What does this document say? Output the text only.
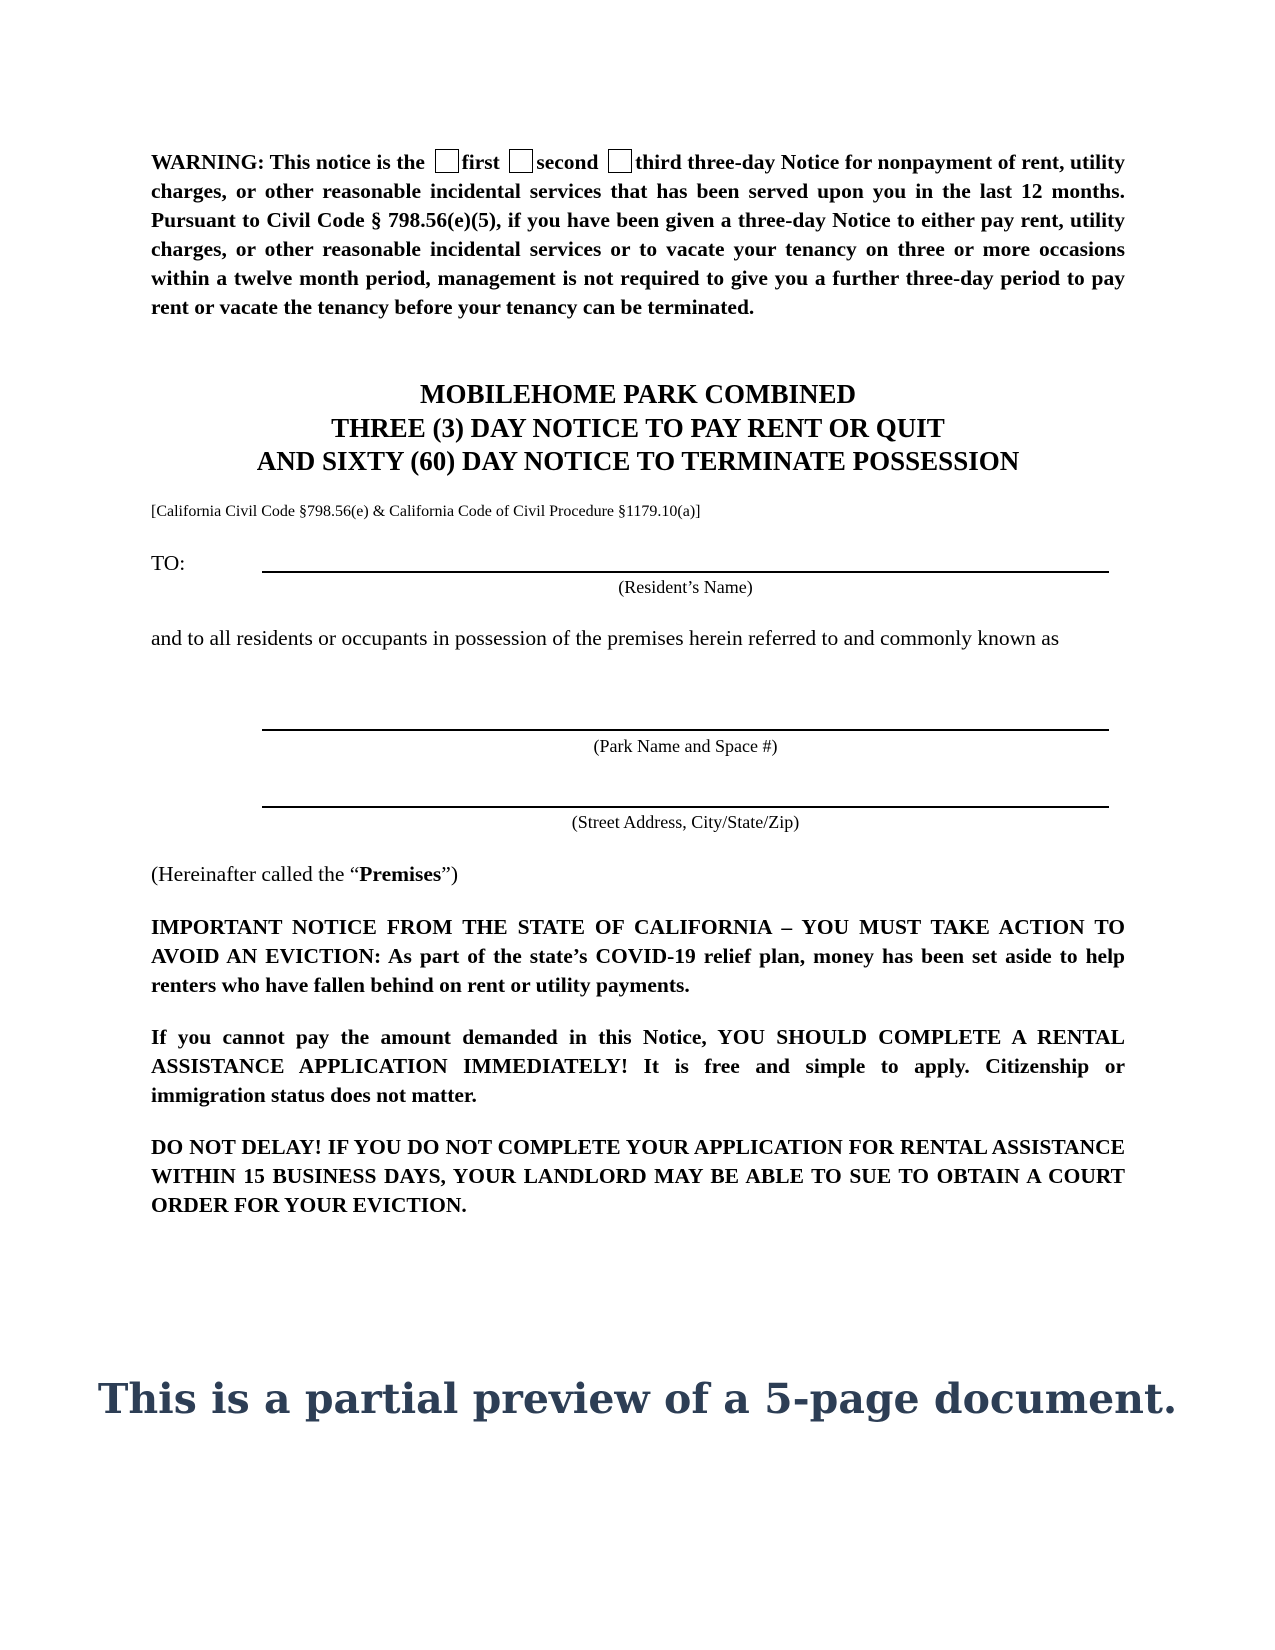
WARNING: This notice is the first second third three-day Notice for nonpayment of rent, utility charges, or other reasonable incidental services that has been served upon you in the last 12 months. Pursuant to Civil Code § 798.56(e)(5), if you have been given a three-day Notice to either pay rent, utility charges, or other reasonable incidental services or to vacate your tenancy on three or more occasions within a twelve month period, management is not required to give you a further three-day period to pay rent or vacate the tenancy before your tenancy can be terminated.

MOBILEHOME PARK COMBINED
THREE (3) DAY NOTICE TO PAY RENT OR QUIT
AND SIXTY (60) DAY NOTICE TO TERMINATE POSSESSION

[California Civil Code §798.56(e) & California Code of Civil Procedure §1179.10(a)]

TO:
(Resident’s Name)

and to all residents or occupants in possession of the premises herein referred to and commonly known as

(Park Name and Space #)
(Street Address, City/State/Zip)

(Hereinafter called the “Premises”)

IMPORTANT NOTICE FROM THE STATE OF CALIFORNIA – YOU MUST TAKE ACTION TO AVOID AN EVICTION: As part of the state’s COVID-19 relief plan, money has been set aside to help renters who have fallen behind on rent or utility payments.

If you cannot pay the amount demanded in this Notice, YOU SHOULD COMPLETE A RENTAL ASSISTANCE APPLICATION IMMEDIATELY! It is free and simple to apply. Citizenship or immigration status does not matter.

DO NOT DELAY! IF YOU DO NOT COMPLETE YOUR APPLICATION FOR RENTAL ASSISTANCE WITHIN 15 BUSINESS DAYS, YOUR LANDLORD MAY BE ABLE TO SUE TO OBTAIN A COURT ORDER FOR YOUR EVICTION.

This is a partial preview of a 5-page document.
